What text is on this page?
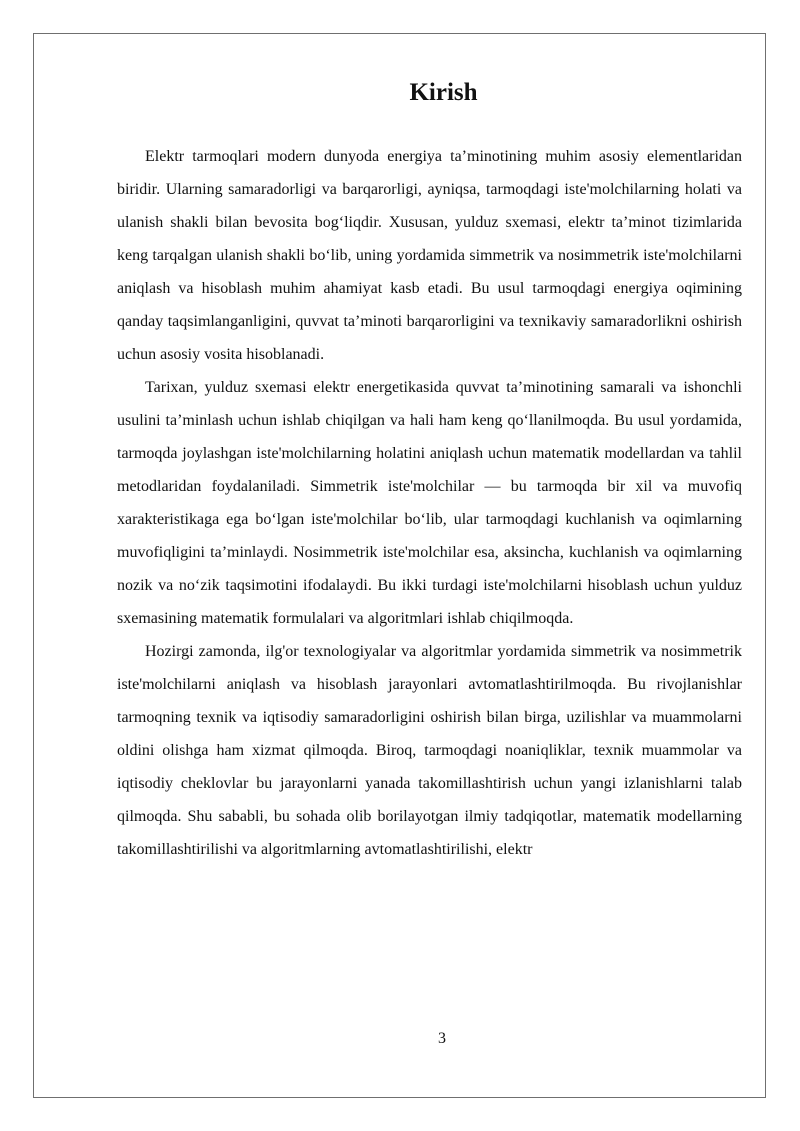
Kirish

Elektr tarmoqlari modern dunyoda energiya ta’minotining muhim asosiy elementlaridan biridir. Ularning samaradorligi va barqarorligi, ayniqsa, tarmoqdagi iste'molchilarning holati va ulanish shakli bilan bevosita bog‘liqdir. Xususan, yulduz sxemasi, elektr ta’minot tizimlarida keng tarqalgan ulanish shakli bo‘lib, uning yordamida simmetrik va nosimmetrik iste'molchilarni aniqlash va hisoblash muhim ahamiyat kasb etadi. Bu usul tarmoqdagi energiya oqimining qanday taqsimlanganligini, quvvat ta’minoti barqarorligini va texnikaviy samaradorlikni oshirish uchun asosiy vosita hisoblanadi.

Tarixan, yulduz sxemasi elektr energetikasida quvvat ta’minotining samarali va ishonchli usulini ta’minlash uchun ishlab chiqilgan va hali ham keng qo‘llanilmoqda. Bu usul yordamida, tarmoqda joylashgan iste'molchilarning holatini aniqlash uchun matematik modellardan va tahlil metodlaridan foydalaniladi. Simmetrik iste'molchilar — bu tarmoqda bir xil va muvofiq xarakteristikaga ega bo‘lgan iste'molchilar bo‘lib, ular tarmoqdagi kuchlanish va oqimlarning muvofiqligini ta’minlaydi. Nosimmetrik iste'molchilar esa, aksincha, kuchlanish va oqimlarning nozik va no‘zik taqsimotini ifodalaydi. Bu ikki turdagi iste'molchilarni hisoblash uchun yulduz sxemasining matematik formulalari va algoritmlari ishlab chiqilmoqda.

Hozirgi zamonda, ilg'or texnologiyalar va algoritmlar yordamida simmetrik va nosimmetrik iste'molchilarni aniqlash va hisoblash jarayonlari avtomatlashtirilmoqda. Bu rivojlanishlar tarmoqning texnik va iqtisodiy samaradorligini oshirish bilan birga, uzilishlar va muammolarni oldini olishga ham xizmat qilmoqda. Biroq, tarmoqdagi noaniqliklar, texnik muammolar va iqtisodiy cheklovlar bu jarayonlarni yanada takomillashtirish uchun yangi izlanishlarni talab qilmoqda. Shu sababli, bu sohada olib borilayotgan ilmiy tadqiqotlar, matematik modellarning takomillashtirilishi va algoritmlarning avtomatlashtirilishi, elektr

3
